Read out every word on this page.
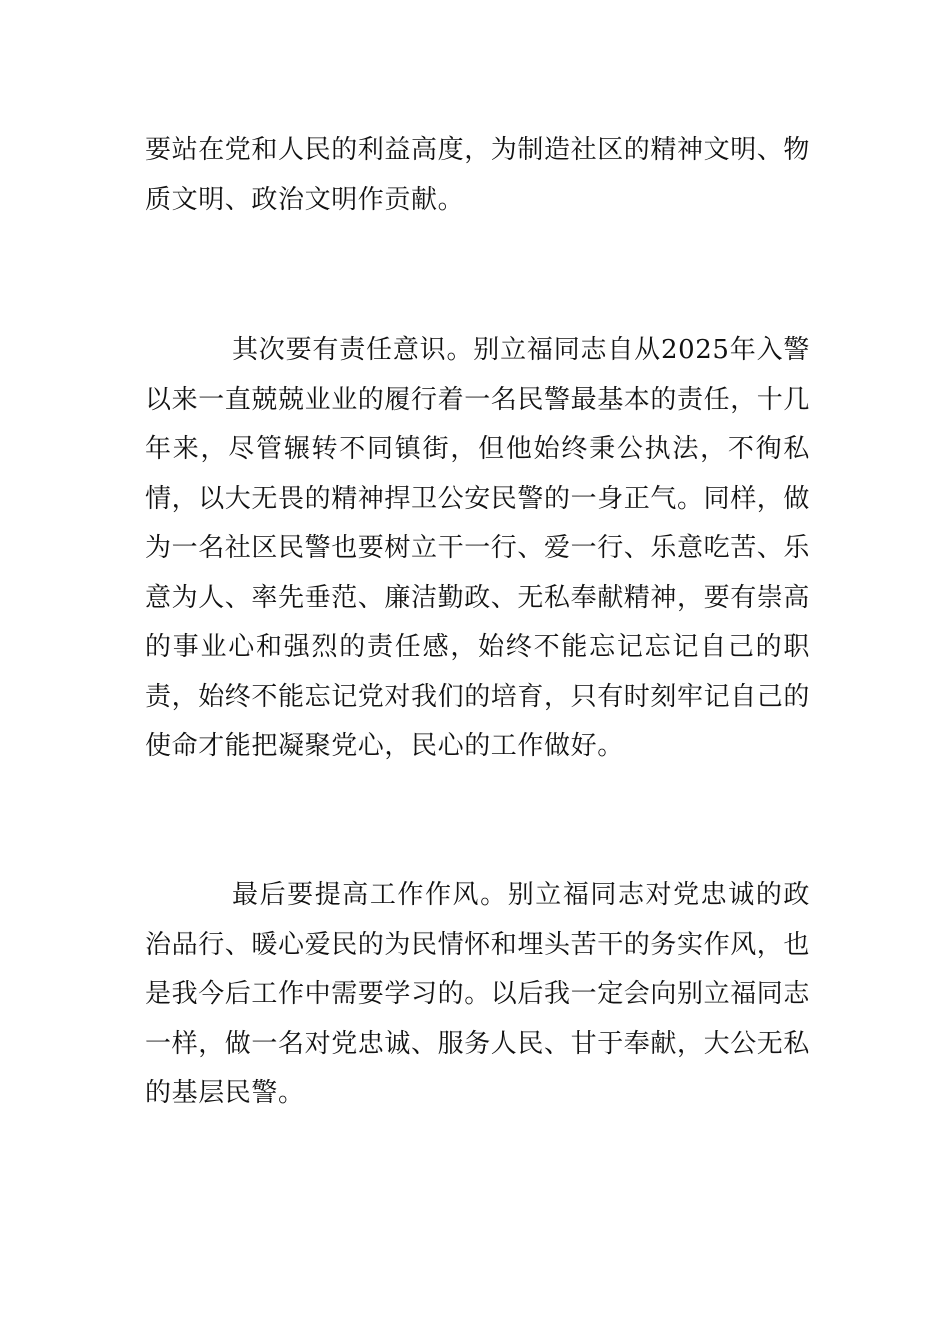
要站在党和人民的利益高度，为制造社区的精神文明、物质文明、政治文明作贡献。

其次要有责任意识。别立福同志自从2025年入警以来一直兢兢业业的履行着一名民警最基本的责任，十几年来，尽管辗转不同镇街，但他始终秉公执法，不徇私情，以大无畏的精神捍卫公安民警的一身正气。同样，做为一名社区民警也要树立干一行、爱一行、乐意吃苦、乐意为人、率先垂范、廉洁勤政、无私奉献精神，要有崇高的事业心和强烈的责任感，始终不能忘记忘记自己的职责，始终不能忘记党对我们的培育，只有时刻牢记自己的使命才能把凝聚党心，民心的工作做好。

最后要提高工作作风。别立福同志对党忠诚的政治品行、暖心爱民的为民情怀和埋头苦干的务实作风，也是我今后工作中需要学习的。以后我一定会向别立福同志一样，做一名对党忠诚、服务人民、甘于奉献，大公无私的基层民警。
